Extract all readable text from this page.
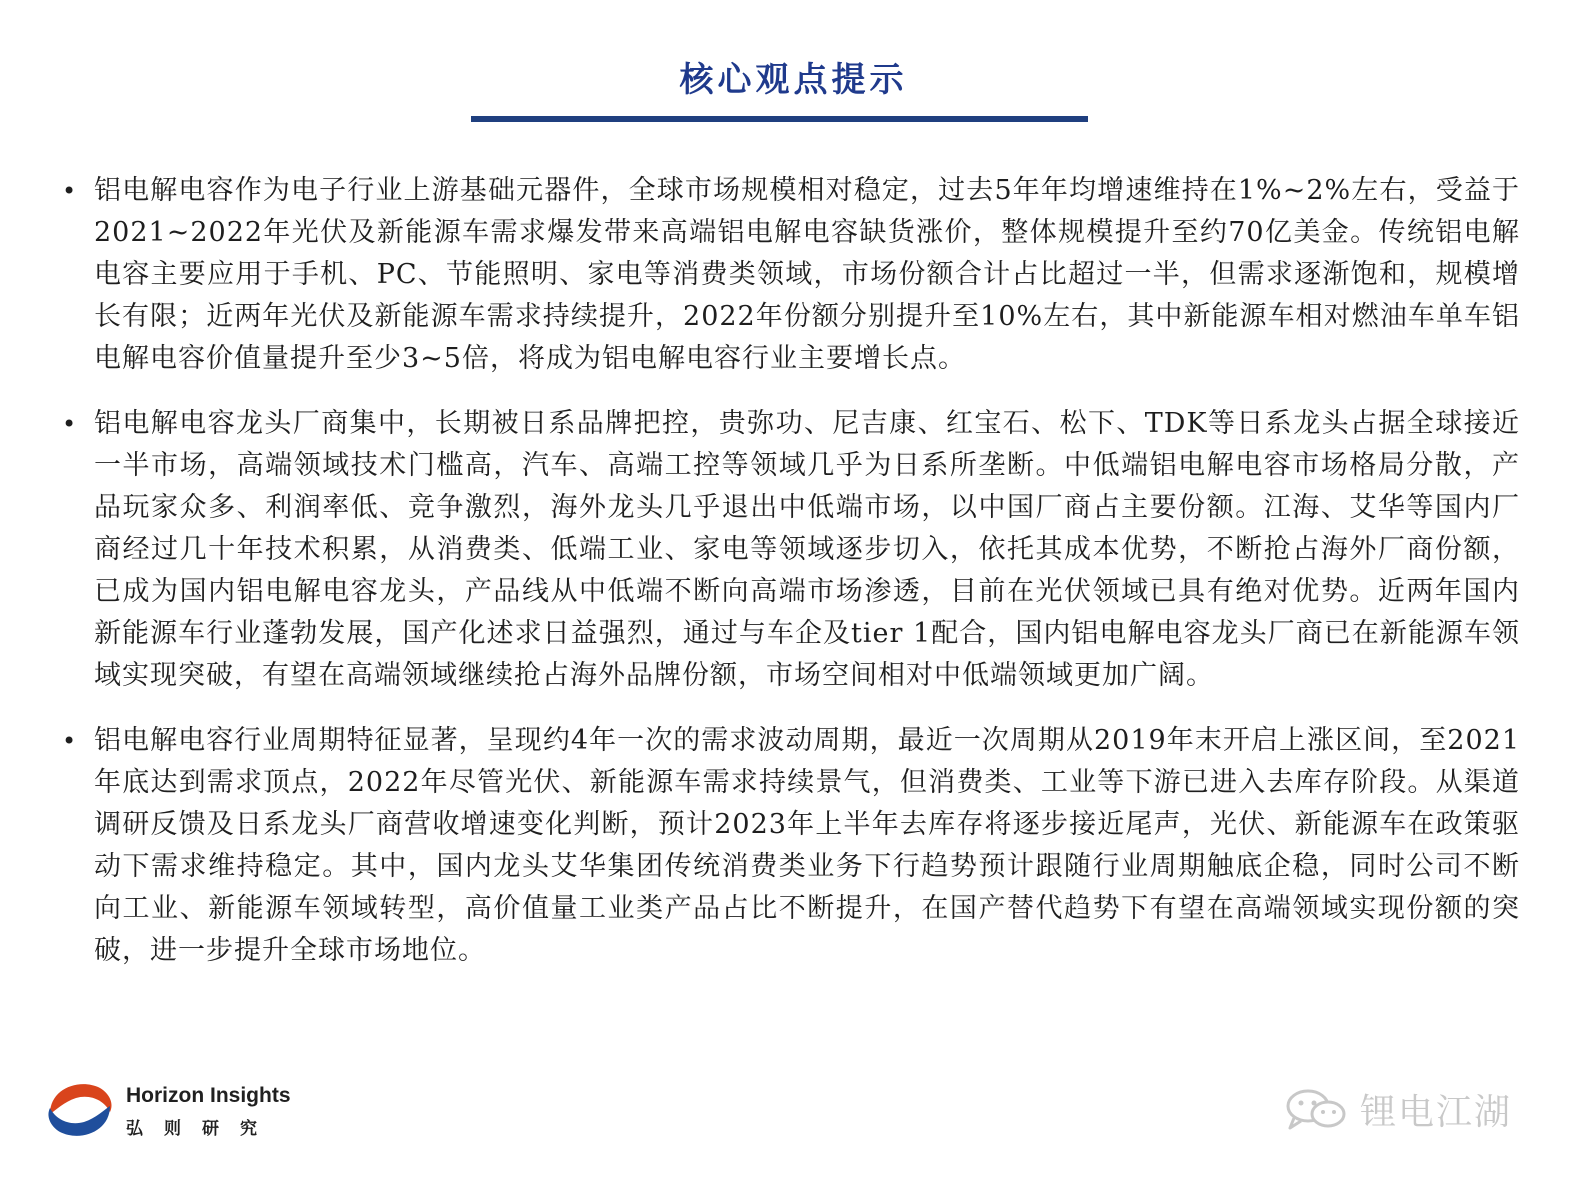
核心观点提示
• 铝电解电容作为电子行业上游基础元器件，全球市场规模相对稳定，过去5年年均增速维持在1%~2%左右，受益于2021~2022年光伏及新能源车需求爆发带来高端铝电解电容缺货涨价，整体规模提升至约70亿美金。传统铝电解电容主要应用于手机、PC、节能照明、家电等消费类领域，市场份额合计占比超过一半，但需求逐渐饱和，规模增长有限；近两年光伏及新能源车需求持续提升，2022年份额分别提升至10%左右，其中新能源车相对燃油车单车铝电解电容价值量提升至少3~5倍，将成为铝电解电容行业主要增长点。
• 铝电解电容龙头厂商集中，长期被日系品牌把控，贵弥功、尼吉康、红宝石、松下、TDK等日系龙头占据全球接近一半市场，高端领域技术门槛高，汽车、高端工控等领域几乎为日系所垄断。中低端铝电解电容市场格局分散，产品玩家众多、利润率低、竞争激烈，海外龙头几乎退出中低端市场，以中国厂商占主要份额。江海、艾华等国内厂商经过几十年技术积累，从消费类、低端工业、家电等领域逐步切入，依托其成本优势，不断抢占海外厂商份额，已成为国内铝电解电容龙头，产品线从中低端不断向高端市场渗透，目前在光伏领域已具有绝对优势。近两年国内新能源车行业蓬勃发展，国产化述求日益强烈，通过与车企及tier 1配合，国内铝电解电容龙头厂商已在新能源车领域实现突破，有望在高端领域继续抢占海外品牌份额，市场空间相对中低端领域更加广阔。
• 铝电解电容行业周期特征显著，呈现约4年一次的需求波动周期，最近一次周期从2019年末开启上涨区间，至2021年底达到需求顶点，2022年尽管光伏、新能源车需求持续景气，但消费类、工业等下游已进入去库存阶段。从渠道调研反馈及日系龙头厂商营收增速变化判断，预计2023年上半年去库存将逐步接近尾声，光伏、新能源车在政策驱动下需求维持稳定。其中，国内龙头艾华集团传统消费类业务下行趋势预计跟随行业周期触底企稳，同时公司不断向工业、新能源车领域转型，高价值量工业类产品占比不断提升，在国产替代趋势下有望在高端领域实现份额的突破，进一步提升全球市场地位。
Horizon Insights
弘则研究	锂电江湖
